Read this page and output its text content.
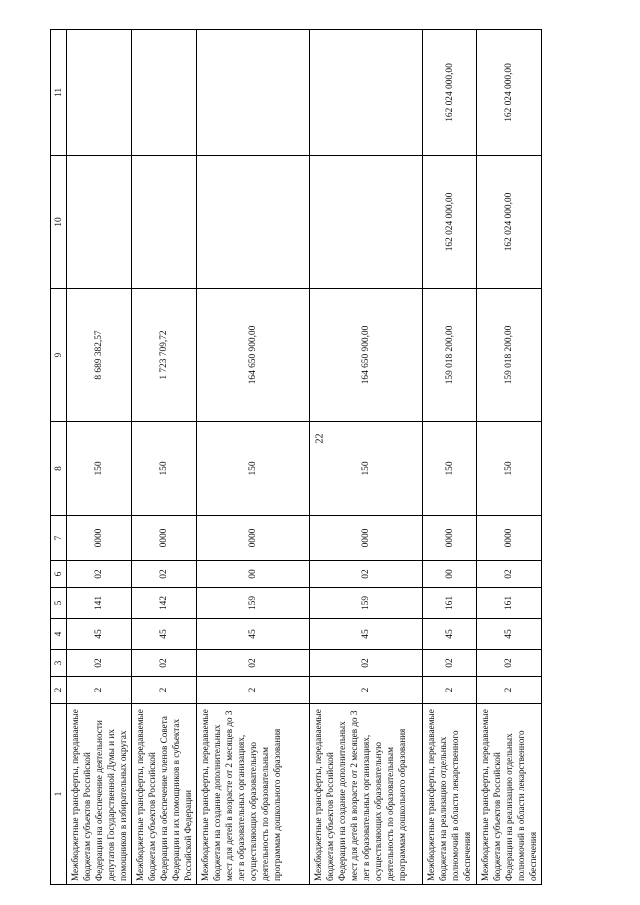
22
1	2	3	4	5	6	7	8	9	10	11
Межбюджетные трансферты, передаваемые бюджетам субъектов Российской Федерации на обеспечение деятельности депутатов Государственной Думы и их помощников в избирательных округах	2	02	45	141	02	0000	150	8 689 382,57		
Межбюджетные трансферты, передаваемые бюджетам субъектов Российской Федерации на обеспечение членов Совета Федерации и их помощников в субъектах Российской Федерации	2	02	45	142	02	0000	150	1 723 709,72		
Межбюджетные трансферты, передаваемые бюджетам на создание дополнительных мест для детей в возрасте от 2 месяцев до 3 лет в образовательных организациях, осуществляющих образовательную деятельность по образовательным программам дошкольного образования	2	02	45	159	00	0000	150	164 650 900,00		
Межбюджетные трансферты, передаваемые бюджетам субъектов Российской Федерации на создание дополнительных мест для детей в возрасте от 2 месяцев до 3 лет в образовательных организациях, осуществляющих образовательную деятельность по образовательным программам дошкольного образования	2	02	45	159	02	0000	150	164 650 900,00		
Межбюджетные трансферты, передаваемые бюджетам на реализацию отдельных полномочий в области лекарственного обеспечения	2	02	45	161	00	0000	150	159 018 200,00	162 024 000,00	162 024 000,00
Межбюджетные трансферты, передаваемые бюджетам субъектов Российской Федерации на реализацию отдельных полномочий в области лекарственного обеспечения	2	02	45	161	02	0000	150	159 018 200,00	162 024 000,00	162 024 000,00
